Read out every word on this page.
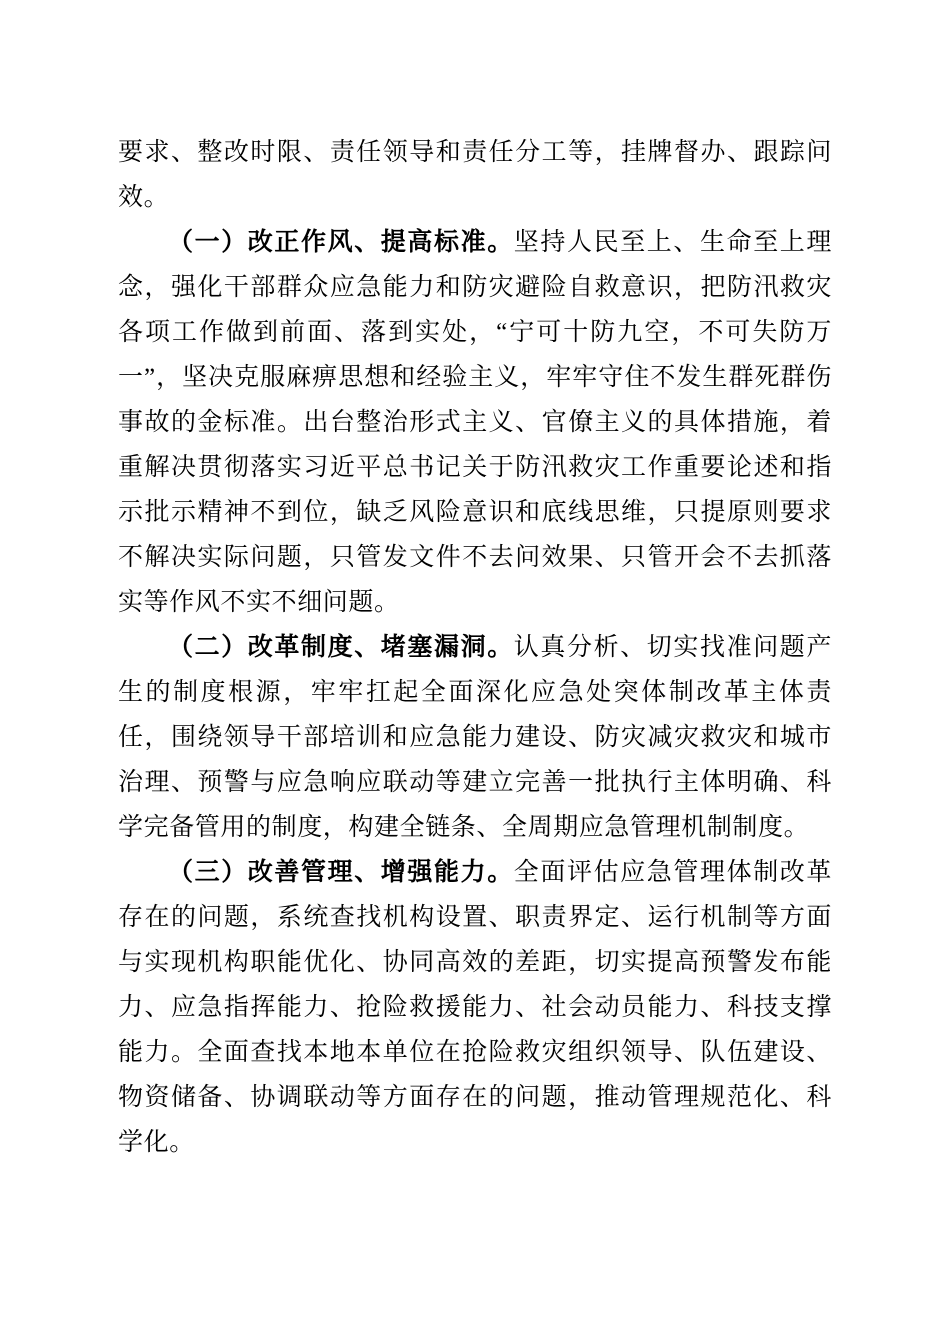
要求、整改时限、责任领导和责任分工等，挂牌督办、跟踪问效。

（一）改正作风、提高标准。坚持人民至上、生命至上理念，强化干部群众应急能力和防灾避险自救意识，把防汛救灾各项工作做到前面、落到实处，“宁可十防九空，不可失防万一”，坚决克服麻痹思想和经验主义，牢牢守住不发生群死群伤事故的金标准。出台整治形式主义、官僚主义的具体措施，着重解决贯彻落实习近平总书记关于防汛救灾工作重要论述和指示批示精神不到位，缺乏风险意识和底线思维，只提原则要求不解决实际问题，只管发文件不去问效果、只管开会不去抓落实等作风不实不细问题。

（二）改革制度、堵塞漏洞。认真分析、切实找准问题产生的制度根源，牢牢扛起全面深化应急处突体制改革主体责任，围绕领导干部培训和应急能力建设、防灾减灾救灾和城市治理、预警与应急响应联动等建立完善一批执行主体明确、科学完备管用的制度，构建全链条、全周期应急管理机制制度。

（三）改善管理、增强能力。全面评估应急管理体制改革存在的问题，系统查找机构设置、职责界定、运行机制等方面与实现机构职能优化、协同高效的差距，切实提高预警发布能力、应急指挥能力、抢险救援能力、社会动员能力、科技支撑能力。全面查找本地本单位在抢险救灾组织领导、队伍建设、物资储备、协调联动等方面存在的问题，推动管理规范化、科学化。
